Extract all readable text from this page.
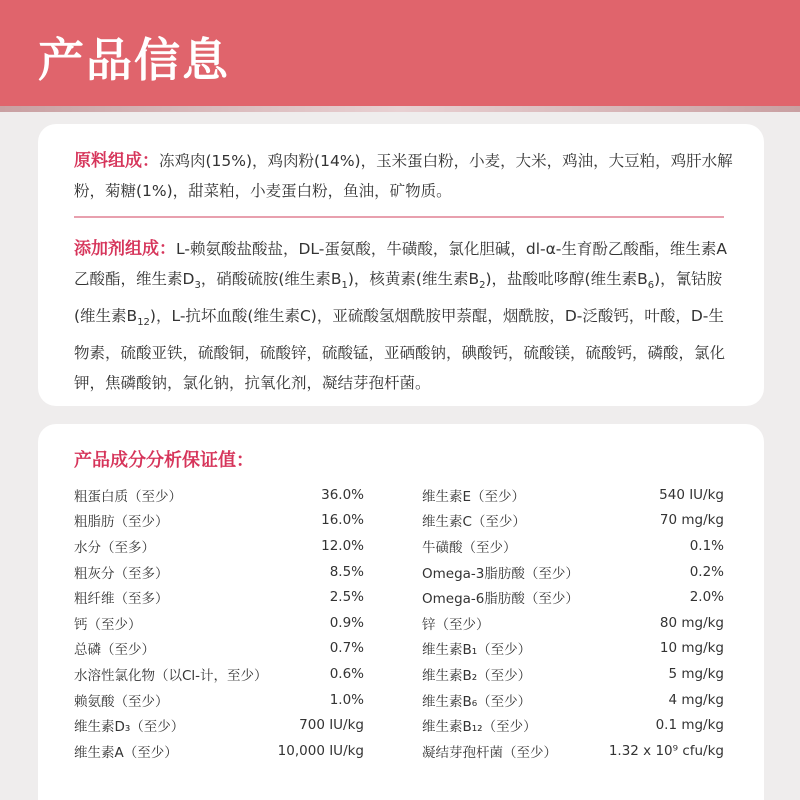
产品信息
原料组成：冻鸡肉(15%)，鸡肉粉(14%)，玉米蛋白粉，小麦，大米，鸡油，大豆粕，鸡肝水解粉，菊糖(1%)，甜菜粕，小麦蛋白粉，鱼油，矿物质。
添加剂组成：L-赖氨酸盐酸盐，DL-蛋氨酸，牛磺酸，氯化胆碱，dl-α-生育酚乙酸酯，维生素A乙酸酯，维生素$D_3$，硝酸硫胺(维生素$B_1$)，核黄素(维生素$B_2$)，盐酸吡哆醇(维生素$B_6$)，氰钴胺(维生素$B_{12}$)，L-抗坏血酸(维生素C)，亚硫酸氢烟酰胺甲萘醌，烟酰胺，D-泛酸钙，叶酸，D-生物素，硫酸亚铁，硫酸铜，硫酸锌，硫酸锰，亚硒酸钠，碘酸钙，硫酸镁，硫酸钙，磷酸，氯化钾，焦磷酸钠，氯化钠，抗氧化剂，凝结芽孢杆菌。
产品成分分析保证值：
粗蛋白质（至少）	36.0%
粗脂肪（至少）	16.0%
水分（至多）	12.0%
粗灰分（至多）	8.5%
粗纤维（至多）	2.5%
钙（至少）	0.9%
总磷（至少）	0.7%
水溶性氯化物（以Cl-计，至少）	0.6%
赖氨酸（至少）	1.0%
维生素D₃（至少）	700 IU/kg
维生素A（至少）	10,000 IU/kg
维生素E（至少）	540 IU/kg
维生素C（至少）	70 mg/kg
牛磺酸（至少）	0.1%
Omega-3脂肪酸（至少）	0.2%
Omega-6脂肪酸（至少）	2.0%
锌（至少）	80 mg/kg
维生素B₁（至少）	10 mg/kg
维生素B₂（至少）	5 mg/kg
维生素B₆（至少）	4 mg/kg
维生素B₁₂（至少）	0.1 mg/kg
凝结芽孢杆菌（至少）	1.32 x 10⁹ cfu/kg
